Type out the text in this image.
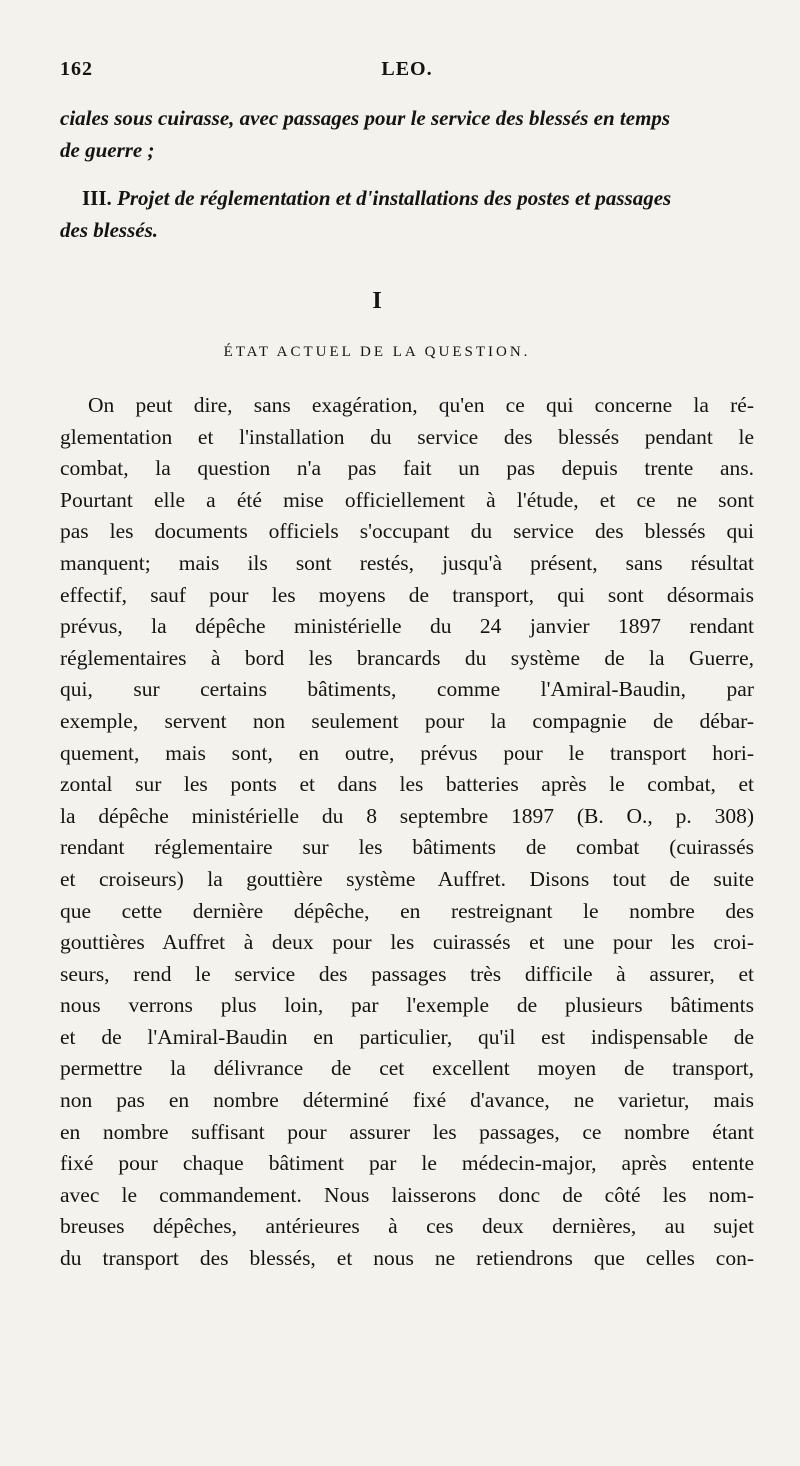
162	LEO.
ciales sous cuirasse, avec passages pour le service des blessés en temps
de guerre ;
III. Projet de réglementation et d'installations des postes et passages
des blessés.
I
ÉTAT ACTUEL DE LA QUESTION.
On peut dire, sans exagération, qu'en ce qui concerne la ré-
glementation et l'installation du service des blessés pendant le
combat, la question n'a pas fait un pas depuis trente ans.
Pourtant elle a été mise officiellement à l'étude, et ce ne sont
pas les documents officiels s'occupant du service des blessés qui
manquent; mais ils sont restés, jusqu'à présent, sans résultat
effectif, sauf pour les moyens de transport, qui sont désormais
prévus, la dépêche ministérielle du 24 janvier 1897 rendant
réglementaires à bord les brancards du système de la Guerre,
qui, sur certains bâtiments, comme l'Amiral-Baudin, par
exemple, servent non seulement pour la compagnie de débar-
quement, mais sont, en outre, prévus pour le transport hori-
zontal sur les ponts et dans les batteries après le combat, et
la dépêche ministérielle du 8 septembre 1897 (B. O., p. 308)
rendant réglementaire sur les bâtiments de combat (cuirassés
et croiseurs) la gouttière système Auffret. Disons tout de suite
que cette dernière dépêche, en restreignant le nombre des
gouttières Auffret à deux pour les cuirassés et une pour les croi-
seurs, rend le service des passages très difficile à assurer, et
nous verrons plus loin, par l'exemple de plusieurs bâtiments
et de l'Amiral-Baudin en particulier, qu'il est indispensable de
permettre la délivrance de cet excellent moyen de transport,
non pas en nombre déterminé fixé d'avance, ne varietur, mais
en nombre suffisant pour assurer les passages, ce nombre étant
fixé pour chaque bâtiment par le médecin-major, après entente
avec le commandement. Nous laisserons donc de côté les nom-
breuses dépêches, antérieures à ces deux dernières, au sujet
du transport des blessés, et nous ne retiendrons que celles con-
